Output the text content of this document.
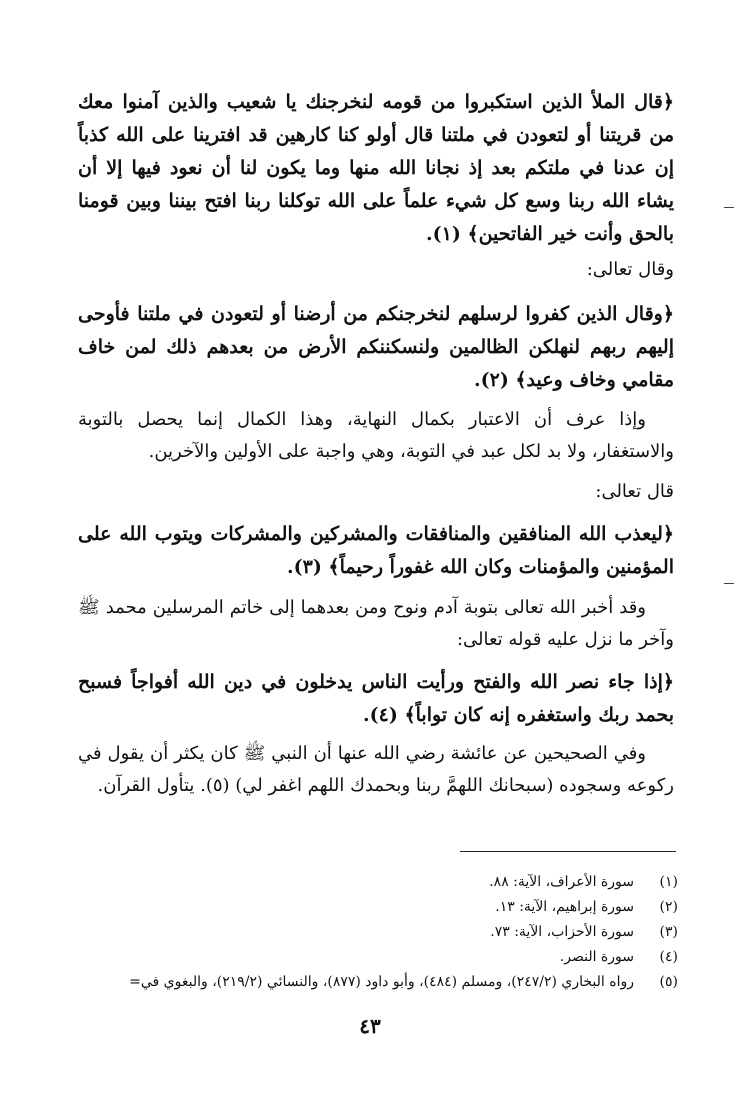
﴿قال الملأ الذين استكبروا من قومه لنخرجنك يا شعيب والذين آمنوا معك من قريتنا أو لتعودن في ملتنا قال أولو كنا كارهين قد افترينا على الله كذباً إن عدنا في ملتكم بعد إذ نجانا الله منها وما يكون لنا أن نعود فيها إلا أن يشاء الله ربنا وسع كل شيء علماً على الله توكلنا ربنا افتح بيننا وبين قومنا بالحق وأنت خير الفاتحين﴾ (١).
وقال تعالى:
﴿وقال الذين كفروا لرسلهم لنخرجنكم من أرضنا أو لتعودن في ملتنا فأوحى إليهم ربهم لنهلكن الظالمين ولنسكننكم الأرض من بعدهم ذلك لمن خاف مقامي وخاف وعيد﴾ (٢).
وإذا عرف أن الاعتبار بكمال النهاية، وهذا الكمال إنما يحصل بالتوبة والاستغفار، ولا بد لكل عبد في التوبة، وهي واجبة على الأولين والآخرين.
قال تعالى:
﴿ليعذب الله المنافقين والمنافقات والمشركين والمشركات ويتوب الله على المؤمنين والمؤمنات وكان الله غفوراً رحيماً﴾ (٣).
وقد أخبر الله تعالى بتوبة آدم ونوح ومن بعدهما إلى خاتم المرسلين محمد ﷺ وآخر ما نزل عليه قوله تعالى:
﴿إذا جاء نصر الله والفتح ورأيت الناس يدخلون في دين الله أفواجاً فسبح بحمد ربك واستغفره إنه كان تواباً﴾ (٤).
وفي الصحيحين عن عائشة رضي الله عنها أن النبي ﷺ كان يكثر أن يقول في ركوعه وسجوده (سبحانك اللهمَّ ربنا وبحمدك اللهم اغفر لي) (٥). يتأول القرآن.
(١)
سورة الأعراف، الآية: ٨٨.
(٢)
سورة إبراهيم، الآية: ١٣.
(٣)
سورة الأحزاب، الآية: ٧٣.
(٤)
سورة النصر.
(٥)
رواه البخاري (٢٤٧/٢)، ومسلم (٤٨٤)، وأبو داود (٨٧٧)، والنسائي (٢١٩/٢)، والبغوي في=
٤٣
